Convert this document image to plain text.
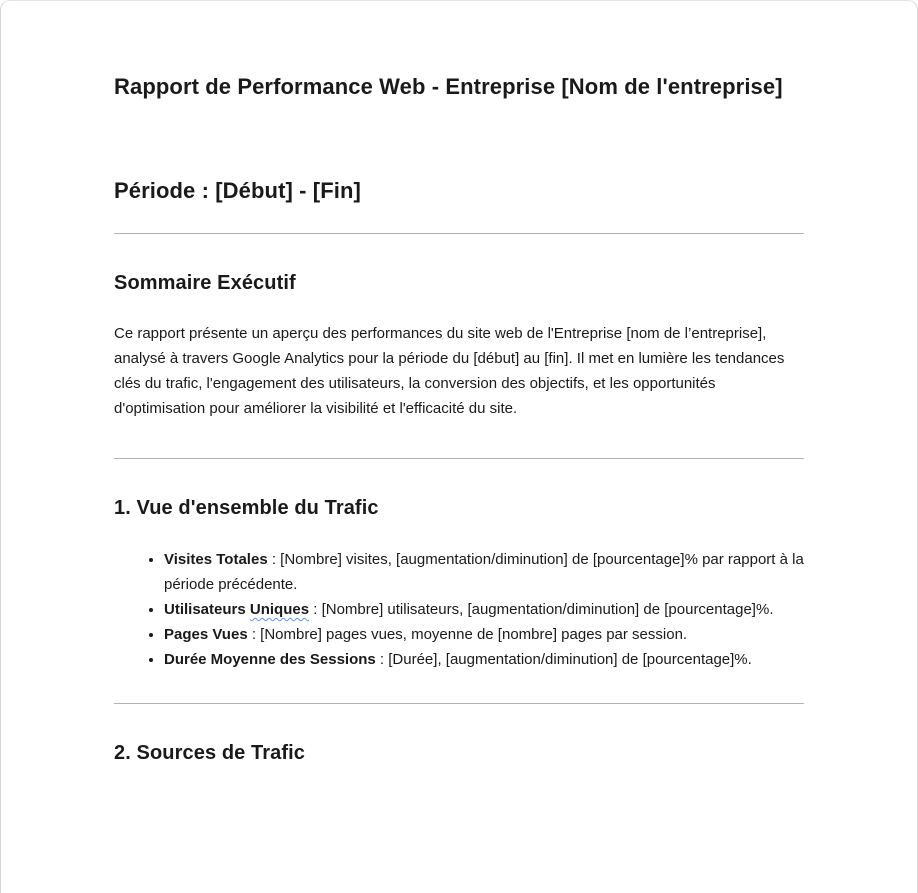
Rapport de Performance Web - Entreprise [Nom de l'entreprise]
Période : [Début] - [Fin]
Sommaire Exécutif

Ce rapport présente un aperçu des performances du site web de l'Entreprise [nom de l’entreprise], analysé à travers Google Analytics pour la période du [début] au [fin]. Il met en lumière les tendances clés du trafic, l'engagement des utilisateurs, la conversion des objectifs, et les opportunités d'optimisation pour améliorer la visibilité et l'efficacité du site.

1. Vue d'ensemble du Trafic
• Visites Totales : [Nombre] visites, [augmentation/diminution] de [pourcentage]% par rapport à la période précédente.
• Utilisateurs Uniques : [Nombre] utilisateurs, [augmentation/diminution] de [pourcentage]%.
• Pages Vues : [Nombre] pages vues, moyenne de [nombre] pages par session.
• Durée Moyenne des Sessions : [Durée], [augmentation/diminution] de [pourcentage]%.
2. Sources de Trafic
